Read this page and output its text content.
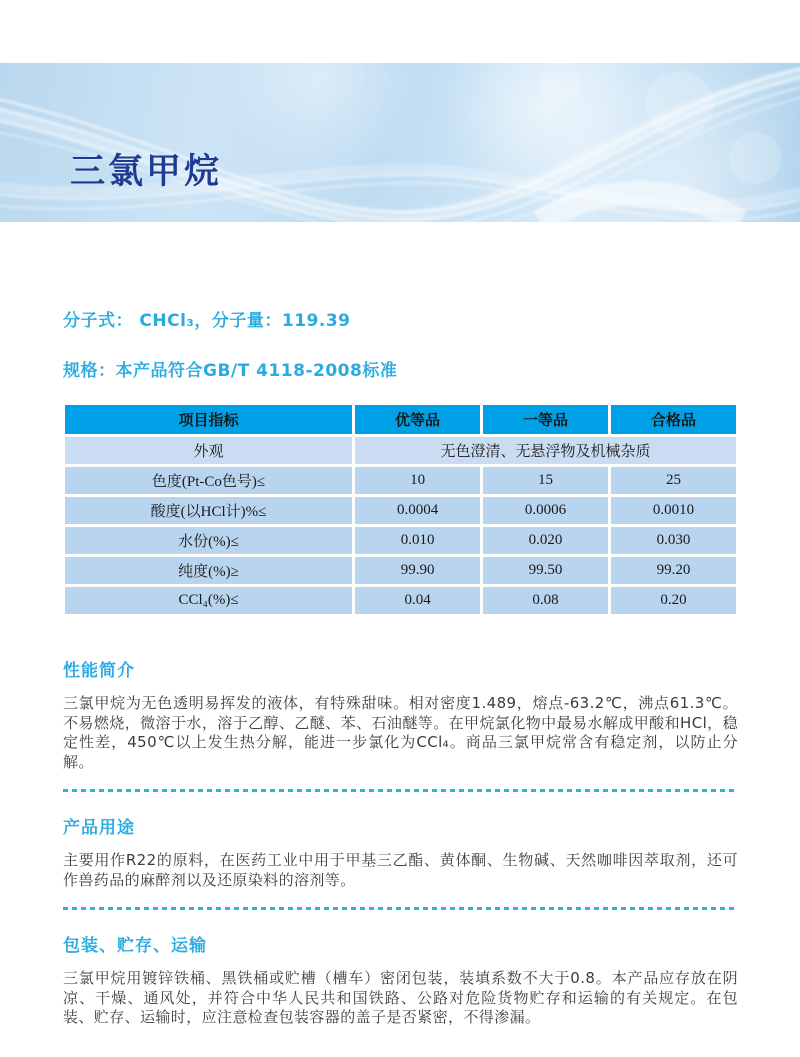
三氯甲烷
分子式： CHCl₃，分子量：119.39
规格：本产品符合GB/T 4118-2008标准
项目指标	优等品	一等品	合格品
外观	无色澄清、无悬浮物及机械杂质		
色度(Pt-Co色号)≤	10	15	25
酸度(以HCl计)%≤	0.0004	0.0006	0.0010
水份(%)≤	0.010	0.020	0.030
纯度(%)≥	99.90	99.50	99.20
CCl₄(%)≤	0.04	0.08	0.20
性能简介

三氯甲烷为无色透明易挥发的液体，有特殊甜味。相对密度1.489，熔点-63.2℃，沸点61.3℃。不易燃烧，微溶于水，溶于乙醇、乙醚、苯、石油醚等。在甲烷氯化物中最易水解成甲酸和HCl，稳定性差，450℃以上发生热分解，能进一步氯化为CCl₄。商品三氯甲烷常含有稳定剂，以防止分解。

产品用途

主要用作R22的原料，在医药工业中用于甲基三乙酯、黄体酮、生物碱、天然咖啡因萃取剂，还可作兽药品的麻醉剂以及还原染料的溶剂等。

包装、贮存、运输

三氯甲烷用镀锌铁桶、黑铁桶或贮槽（槽车）密闭包装，装填系数不大于0.8。本产品应存放在阴凉、干燥、通风处，并符合中华人民共和国铁路、公路对危险货物贮存和运输的有关规定。在包装、贮存、运输时，应注意检查包装容器的盖子是否紧密，不得渗漏。
